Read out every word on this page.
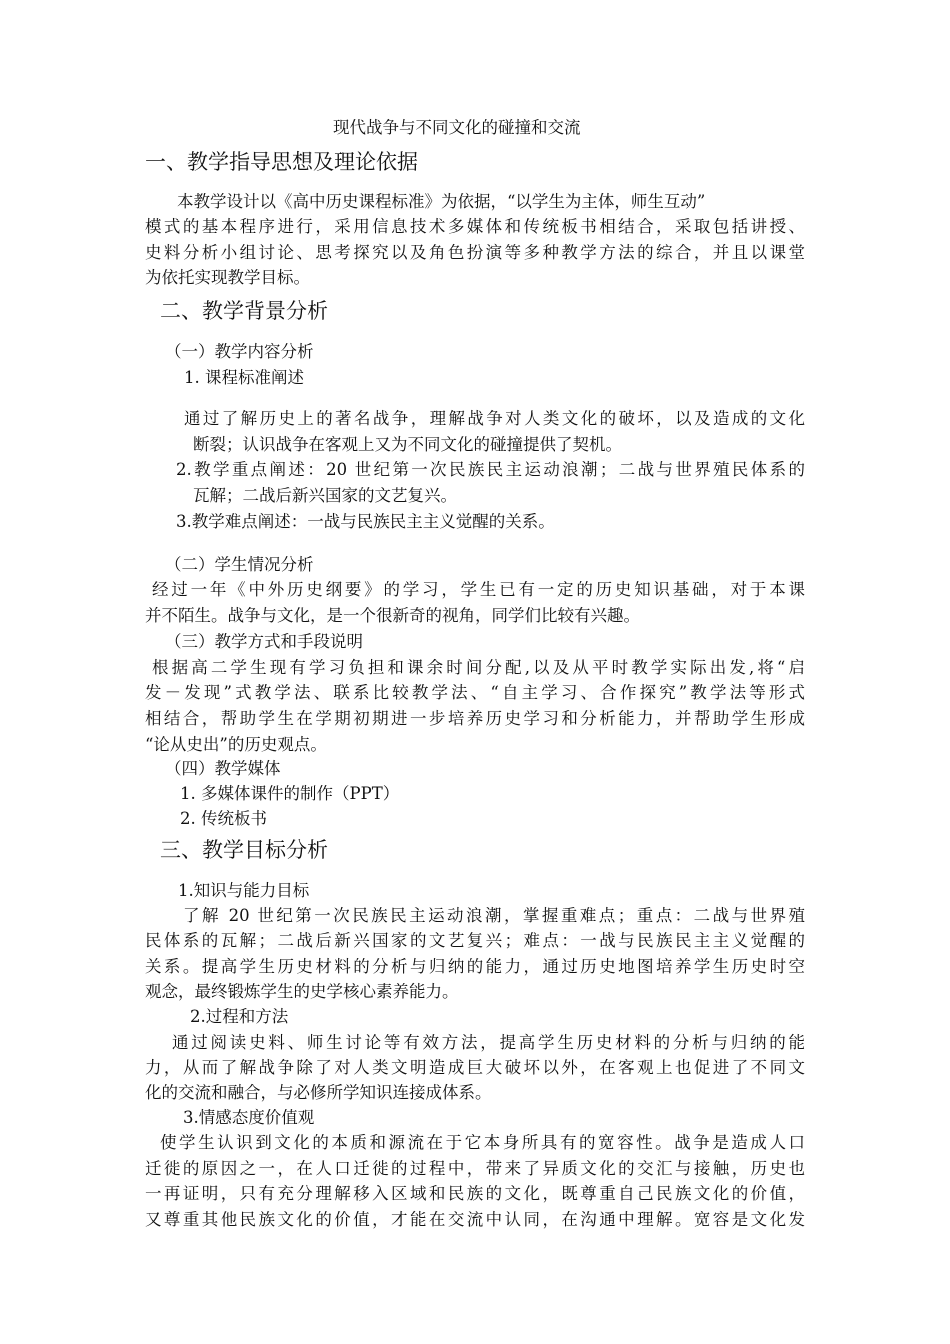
现代战争与不同文化的碰撞和交流
一、教学指导思想及理论依据
本教学设计以《高中历史课程标准》为依据，“以学生为主体，师生互动”
模式的基本程序进行，采用信息技术多媒体和传统板书相结合，采取包括讲授、
史料分析小组讨论、思考探究以及角色扮演等多种教学方法的综合，并且以课堂
为依托实现教学目标。
二、教学背景分析
（一）教学内容分析
1. 课程标准阐述
通过了解历史上的著名战争，理解战争对人类文化的破坏，以及造成的文化
断裂；认识战争在客观上又为不同文化的碰撞提供了契机。
2.教学重点阐述：20 世纪第一次民族民主运动浪潮；二战与世界殖民体系的
瓦解；二战后新兴国家的文艺复兴。
3.教学难点阐述：一战与民族民主主义觉醒的关系。
（二）学生情况分析
经过一年《中外历史纲要》的学习，学生已有一定的历史知识基础，对于本课
并不陌生。战争与文化，是一个很新奇的视角，同学们比较有兴趣。
（三）教学方式和手段说明
根据高二学生现有学习负担和课余时间分配,以及从平时教学实际出发,将“启
发－发现”式教学法、联系比较教学法、“自主学习、合作探究”教学法等形式
相结合，帮助学生在学期初期进一步培养历史学习和分析能力，并帮助学生形成
“论从史出”的历史观点。
（四）教学媒体
1. 多媒体课件的制作（PPT）
2. 传统板书
三、教学目标分析
1.知识与能力目标
了解 20 世纪第一次民族民主运动浪潮，掌握重难点；重点：二战与世界殖
民体系的瓦解；二战后新兴国家的文艺复兴；难点：一战与民族民主主义觉醒的
关系。提高学生历史材料的分析与归纳的能力，通过历史地图培养学生历史时空
观念，最终锻炼学生的史学核心素养能力。
2.过程和方法
通过阅读史料、师生讨论等有效方法，提高学生历史材料的分析与归纳的能
力，从而了解战争除了对人类文明造成巨大破坏以外，在客观上也促进了不同文
化的交流和融合，与必修所学知识连接成体系。
3.情感态度价值观
使学生认识到文化的本质和源流在于它本身所具有的宽容性。战争是造成人口
迁徙的原因之一，在人口迁徙的过程中，带来了异质文化的交汇与接触，历史也
一再证明，只有充分理解移入区域和民族的文化，既尊重自己民族文化的价值，
又尊重其他民族文化的价值，才能在交流中认同，在沟通中理解。宽容是文化发
